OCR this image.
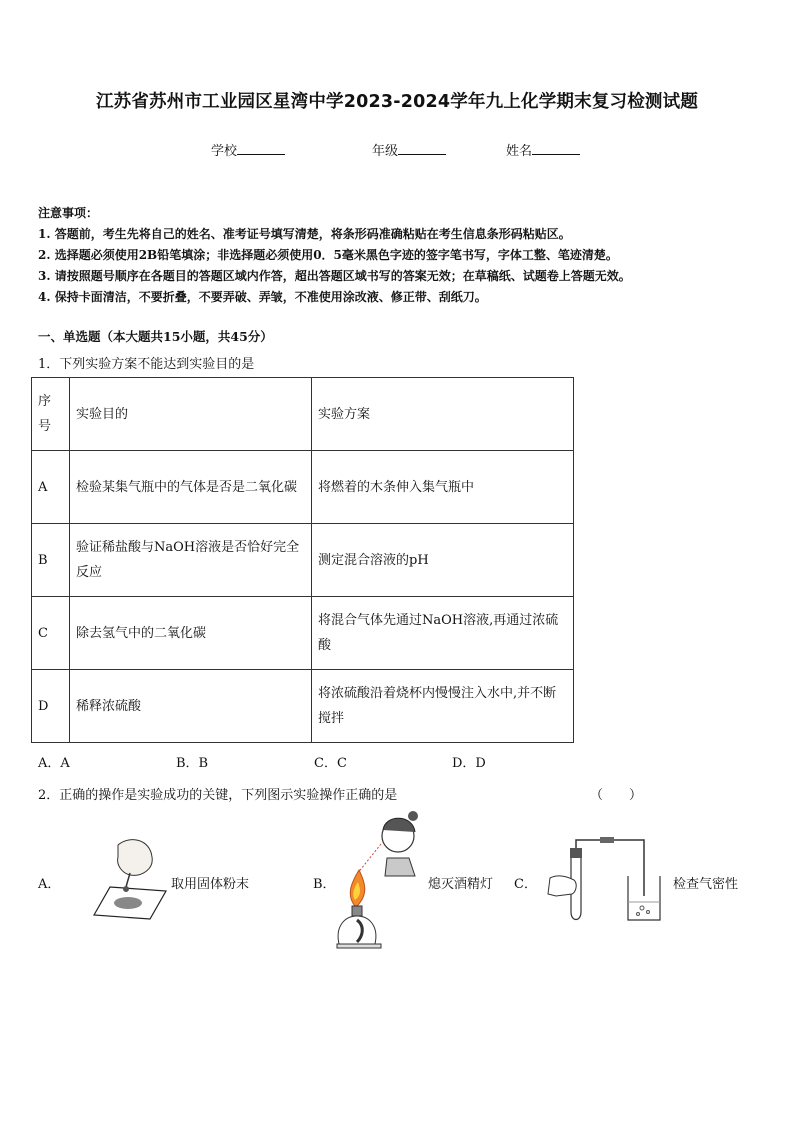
江苏省苏州市工业园区星湾中学2023-2024学年九上化学期末复习检测试题
学校	年级	姓名
注意事项：
1. 答题前，考生先将自己的姓名、准考证号填写清楚，将条形码准确粘贴在考生信息条形码粘贴区。
2. 选择题必须使用2B铅笔填涂；非选择题必须使用0．5毫米黑色字迹的签字笔书写，字体工整、笔迹清楚。
3. 请按照题号顺序在各题目的答题区域内作答，超出答题区域书写的答案无效；在草稿纸、试题卷上答题无效。
4. 保持卡面清洁，不要折叠，不要弄破、弄皱，不准使用涂改液、修正带、刮纸刀。
一、单选题（本大题共15小题，共45分）
1．下列实验方案不能达到实验目的是
序号	实验目的	实验方案
A	检验某集气瓶中的气体是否是二氧化碳	将燃着的木条伸入集气瓶中
B	验证稀盐酸与NaOH溶液是否恰好完全反应	测定混合溶液的pH
C	除去氢气中的二氧化碳	将混合气体先通过NaOH溶液,再通过浓硫酸
D	稀释浓硫酸	将浓硫酸沿着烧杯内慢慢注入水中,并不断搅拌
A．A	B．B	C．C	D．D
2．正确的操作是实验成功的关键，下列图示实验操作正确的是	（　　）
A．	取用固体粉末	B．	熄灭酒精灯 C．	检查气密性
